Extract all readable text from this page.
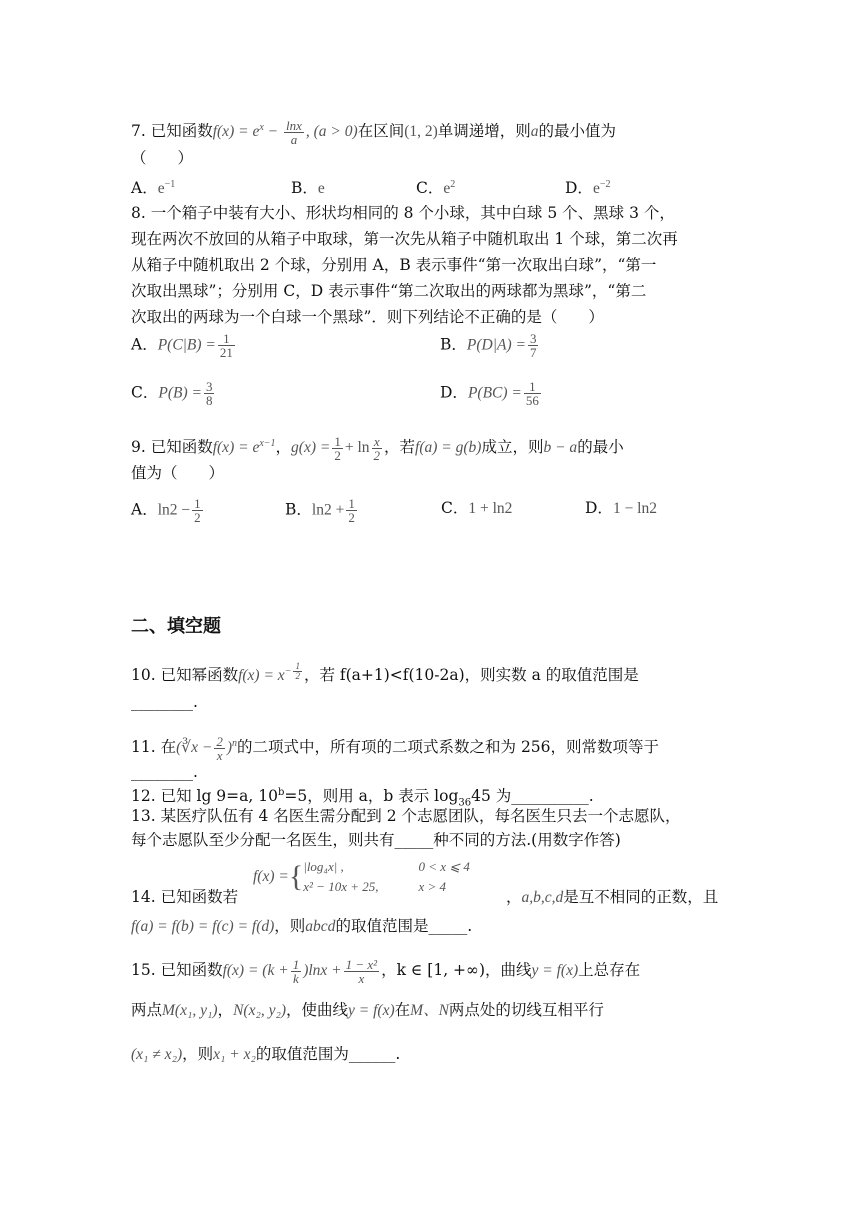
7. 已知函数$f(x) = e^x - \frac{\ln x}{a}$ , (a > 0)在区间(1, 2)单调递增，则a的最小值为
（　　）
A．$e^{-1}$	B．e	C．$e^2$	D．$e^{-2}$
8. 一个箱子中装有大小、形状均相同的 8 个小球，其中白球 5 个、黑球 3 个，
现在两次不放回的从箱子中取球，第一次先从箱子中随机取出 1 个球，第二次再
从箱子中随机取出 2 个球，分别用 A，B 表示事件“第一次取出白球”，“第一
次取出黑球”；分别用 C，D 表示事件“第二次取出的两球都为黑球”，“第二
次取出的两球为一个白球一个黑球”．则下列结论不正确的是（　　）
A．$P(C|B) = \frac{1}{21}$	B．$P(D|A) = \frac{3}{7}$
C．$P(B) = \frac{3}{8}$	D．$P(BC) = \frac{1}{56}$
9. 已知函数$f(x) = e^{x-1}$，$g(x) = \frac{1}{2} + \ln \frac{x}{2}$ ，若f(a) = g(b)成立，则b − a的最小
值为（　　）
A．$\ln 2 - \frac{1}{2}$	B．$\ln 2 + \frac{1}{2}$	C．1 + ln2	D．1 − ln2
二、填空题
10. 已知幂函数$f(x) = x^{- \frac{1}{2}}$ ，若 f(a+1)<f(10-2a)，则实数 a 的取值范围是
________.
11. 在(∛x − $\frac{2}{x} )^n$的二项式中，所有项的二项式系数之和为 256，则常数项等于
________.
12. 已知 lg 9=a, $10^b=5$，则用 a，b 表示 $\log_{36}45$ 为__________.
13. 某医疗队伍有 4 名医生需分配到 2 个志愿团队，每名医生只去一个志愿队，
每个志愿队至少分配一名医生，则共有_____种不同的方法.(用数字作答)
f(x) ={|log₄x| ,
x² − 10x + 25,0 < x ⩽ 4
x > 4
14. 已知函数若	，a,b,c,d是互不相同的正数，且
f(a) = f(b) = f(c) = f(d)，则abcd的取值范围是_____.
15. 已知函数$f(x) = (k + \frac{1}{k} )\ln x + \frac{\text{1 − x²}}{x}$ ，k ∈ [1, +∞)，曲线y = f(x)上总存在
两点M(x₁, y₁)，N(x₂, y₂)，使曲线y = f(x)在M、N两点处的切线互相平行
(x₁ ≠ x₂)，则x₁ + x₂的取值范围为______.
